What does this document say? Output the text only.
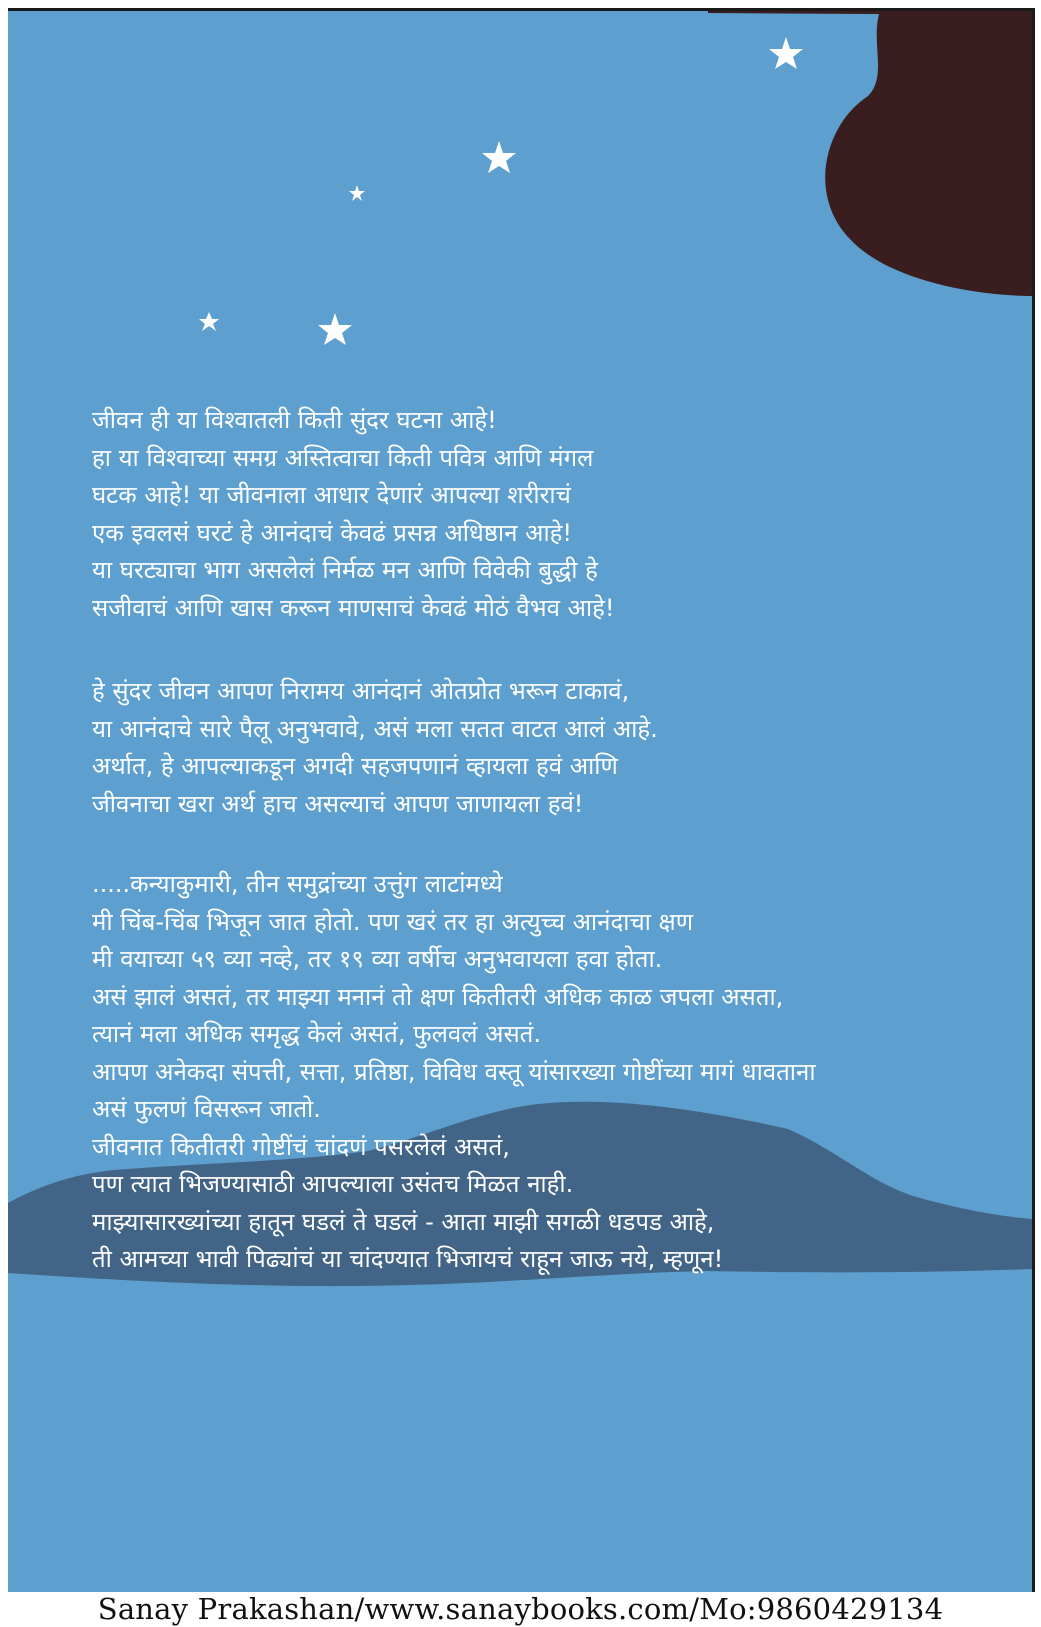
जीवन ही या विश्वातली किती सुंदर घटना आहे!
हा या विश्वाच्या समग्र अस्तित्वाचा किती पवित्र आणि मंगल
घटक आहे! या जीवनाला आधार देणारं आपल्या शरीराचं
एक इवलसं घरटं हे आनंदाचं केवढं प्रसन्न अधिष्ठान आहे!
या घरट्याचा भाग असलेलं निर्मळ मन आणि विवेकी बुद्धी हे
सजीवाचं आणि खास करून माणसाचं केवढं मोठं वैभव आहे!
हे सुंदर जीवन आपण निरामय आनंदानं ओतप्रोत भरून टाकावं,
या आनंदाचे सारे पैलू अनुभवावे, असं मला सतत वाटत आलं आहे.
अर्थात, हे आपल्याकडून अगदी सहजपणानं व्हायला हवं आणि
जीवनाचा खरा अर्थ हाच असल्याचं आपण जाणायला हवं!
.....कन्याकुमारी, तीन समुद्रांच्या उत्तुंग लाटांमध्ये
मी चिंब-चिंब भिजून जात होतो. पण खरं तर हा अत्युच्च आनंदाचा क्षण
मी वयाच्या ५९ व्या नव्हे, तर १९ व्या वर्षीच अनुभवायला हवा होता.
असं झालं असतं, तर माझ्या मनानं तो क्षण कितीतरी अधिक काळ जपला असता,
त्यानं मला अधिक समृद्ध केलं असतं, फुलवलं असतं.
आपण अनेकदा संपत्ती, सत्ता, प्रतिष्ठा, विविध वस्तू यांसारख्या गोष्टींच्या मागं धावताना
असं फुलणं विसरून जातो.
जीवनात कितीतरी गोष्टींचं चांदणं पसरलेलं असतं,
पण त्यात भिजण्यासाठी आपल्याला उसंतच मिळत नाही.
माझ्यासारख्यांच्या हातून घडलं ते घडलं - आता माझी सगळी धडपड आहे,
ती आमच्या भावी पिढ्यांचं या चांदण्यात भिजायचं राहून जाऊ नये, म्हणून!
Sanay Prakashan/www.sanaybooks.com/Mo:9860429134
